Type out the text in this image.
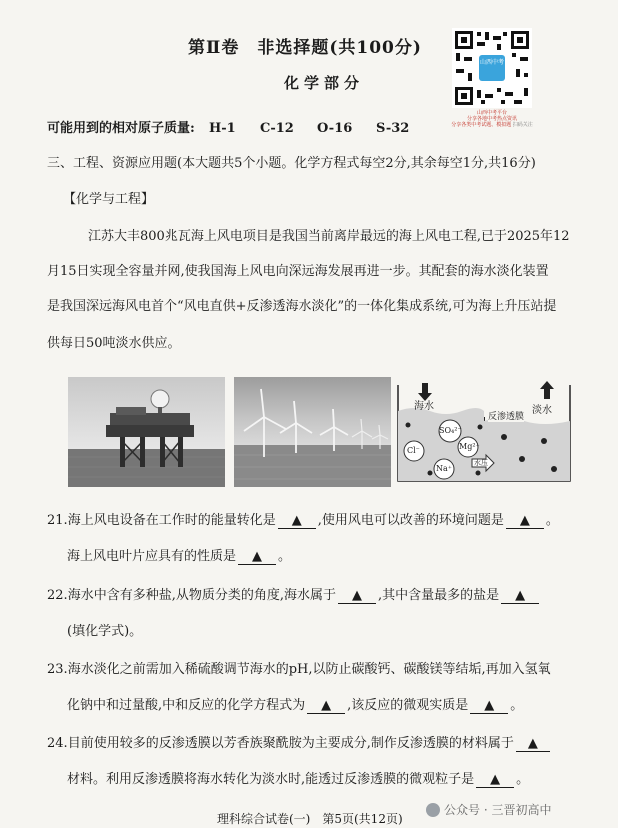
第Ⅱ卷　非选择题(共100分)
化学部分
山西中考
山西中考平台
分享各地中考热点资讯
分享各类中考试题、模拟题 扫码关注
可能用到的相对原子质量: H-1 C-12 O-16 S-32
三、工程、资源应用题(本大题共5个小题。化学方程式每空2分,其余每空1分,共16分)
【化学与工程】
江苏大丰800兆瓦海上风电项目是我国当前离岸最远的海上风电工程,已于2025年12
月15日实现全容量并网,使我国海上风电向深远海发展再进一步。其配套的海水淡化装置
是我国深远海风电首个“风电直供+反渗透海水淡化”的一体化集成系统,可为海上升压站提
供每日50吨淡水供应。
海水	淡水
反渗透膜
SO₄²⁻
Cl⁻	Mg²⁺
Na⁺
水压
21.海上风电设备在工作时的能量转化是 ▲ ,使用风电可以改善的环境问题是 ▲ 。
海上风电叶片应具有的性质是 ▲ 。
22.海水中含有多种盐,从物质分类的角度,海水属于 ▲ ,其中含量最多的盐是 ▲
(填化学式)。
23.海水淡化之前需加入稀硫酸调节海水的pH,以防止碳酸钙、碳酸镁等结垢,再加入氢氧
化钠中和过量酸,中和反应的化学方程式为 ▲ ,该反应的微观实质是 ▲ 。
24.目前使用较多的反渗透膜以芳香族聚酰胺为主要成分,制作反渗透膜的材料属于 ▲
材料。利用反渗透膜将海水转化为淡水时,能透过反渗透膜的微观粒子是 ▲ 。
理科综合试卷(一)　第5页(共12页)
公众号 · 三晋初高中
